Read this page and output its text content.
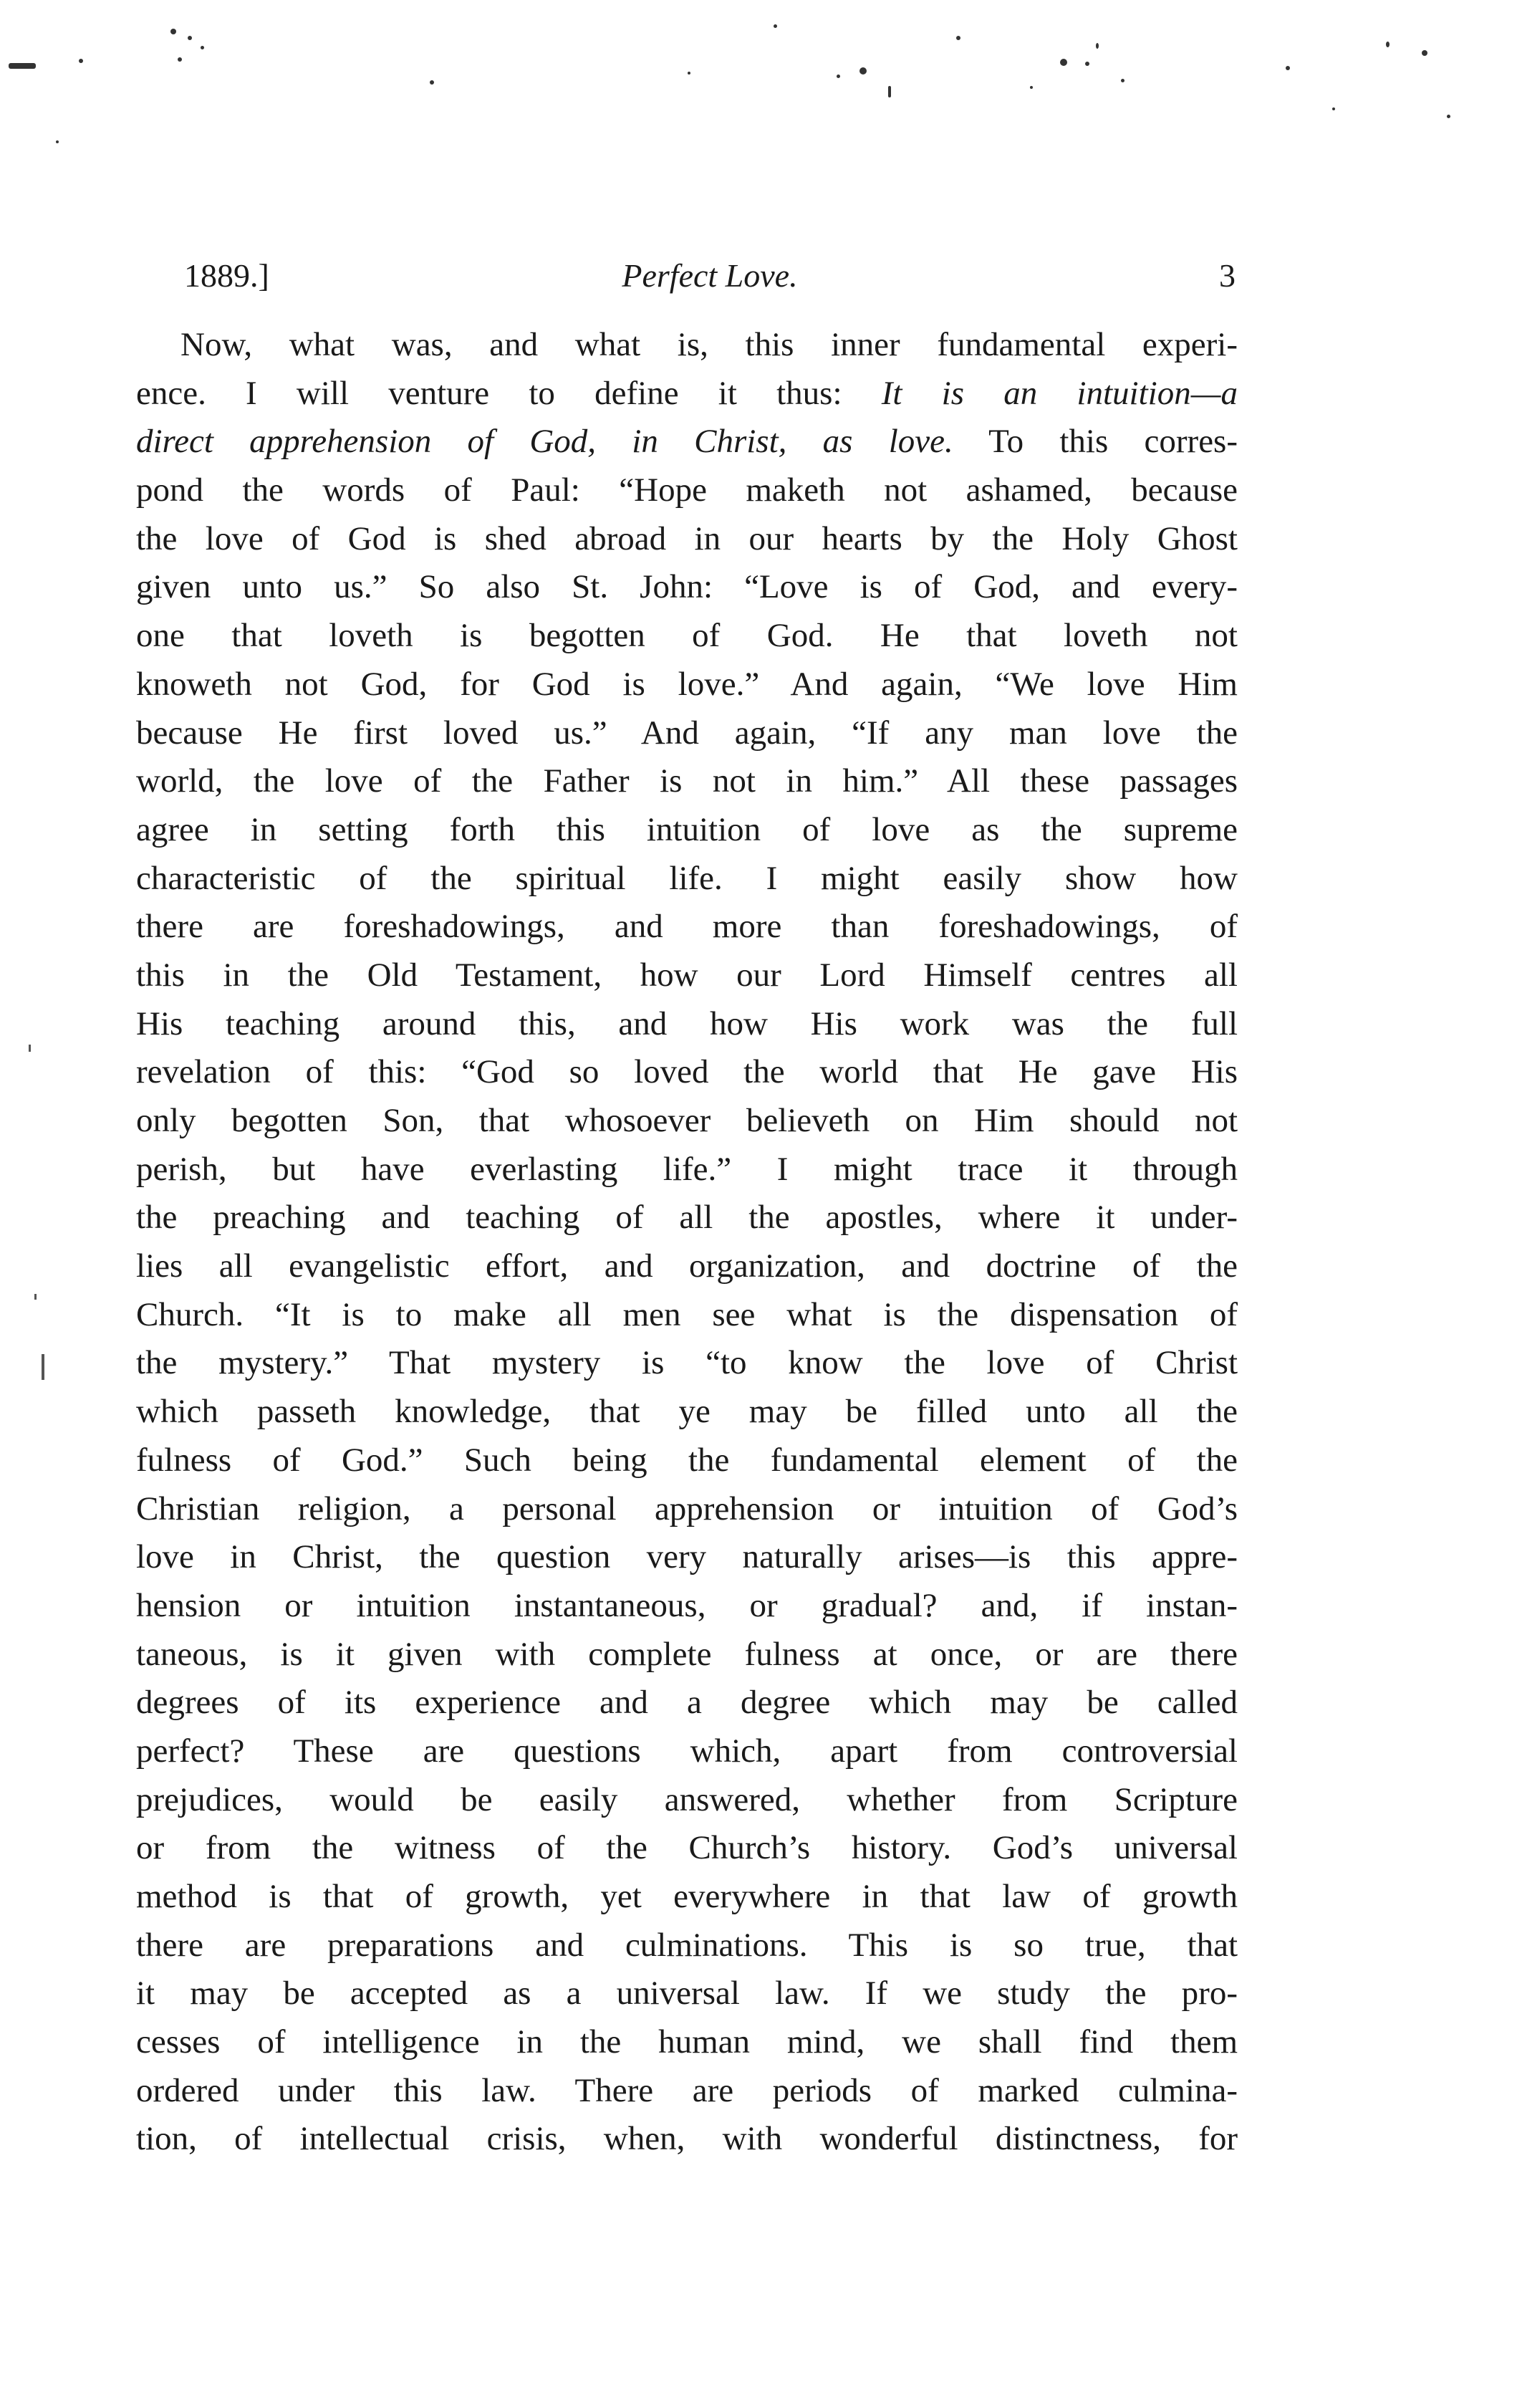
1889.]	Perfect Love.	3
Now, what was, and what is, this inner fundamental experi-
ence. I will venture to define it thus: It is an intuition—a
direct apprehension of God, in Christ, as love. To this corres-
pond the words of Paul: “Hope maketh not ashamed, because
the love of God is shed abroad in our hearts by the Holy Ghost
given unto us.” So also St. John: “Love is of God, and every-
one that loveth is begotten of God. He that loveth not
knoweth not God, for God is love.” And again, “We love Him
because He first loved us.” And again, “If any man love the
world, the love of the Father is not in him.” All these passages
agree in setting forth this intuition of love as the supreme
characteristic of the spiritual life. I might easily show how
there are foreshadowings, and more than foreshadowings, of
this in the Old Testament, how our Lord Himself centres all
His teaching around this, and how His work was the full
revelation of this: “God so loved the world that He gave His
only begotten Son, that whosoever believeth on Him should not
perish, but have everlasting life.” I might trace it through
the preaching and teaching of all the apostles, where it under-
lies all evangelistic effort, and organization, and doctrine of the
Church. “It is to make all men see what is the dispensation of
the mystery.” That mystery is “to know the love of Christ
which passeth knowledge, that ye may be filled unto all the
fulness of God.” Such being the fundamental element of the
Christian religion, a personal apprehension or intuition of God’s
love in Christ, the question very naturally arises—is this appre-
hension or intuition instantaneous, or gradual? and, if instan-
taneous, is it given with complete fulness at once, or are there
degrees of its experience and a degree which may be called
perfect? These are questions which, apart from controversial
prejudices, would be easily answered, whether from Scripture
or from the witness of the Church’s history. God’s universal
method is that of growth, yet everywhere in that law of growth
there are preparations and culminations. This is so true, that
it may be accepted as a universal law. If we study the pro-
cesses of intelligence in the human mind, we shall find them
ordered under this law. There are periods of marked culmina-
tion, of intellectual crisis, when, with wonderful distinctness, for
